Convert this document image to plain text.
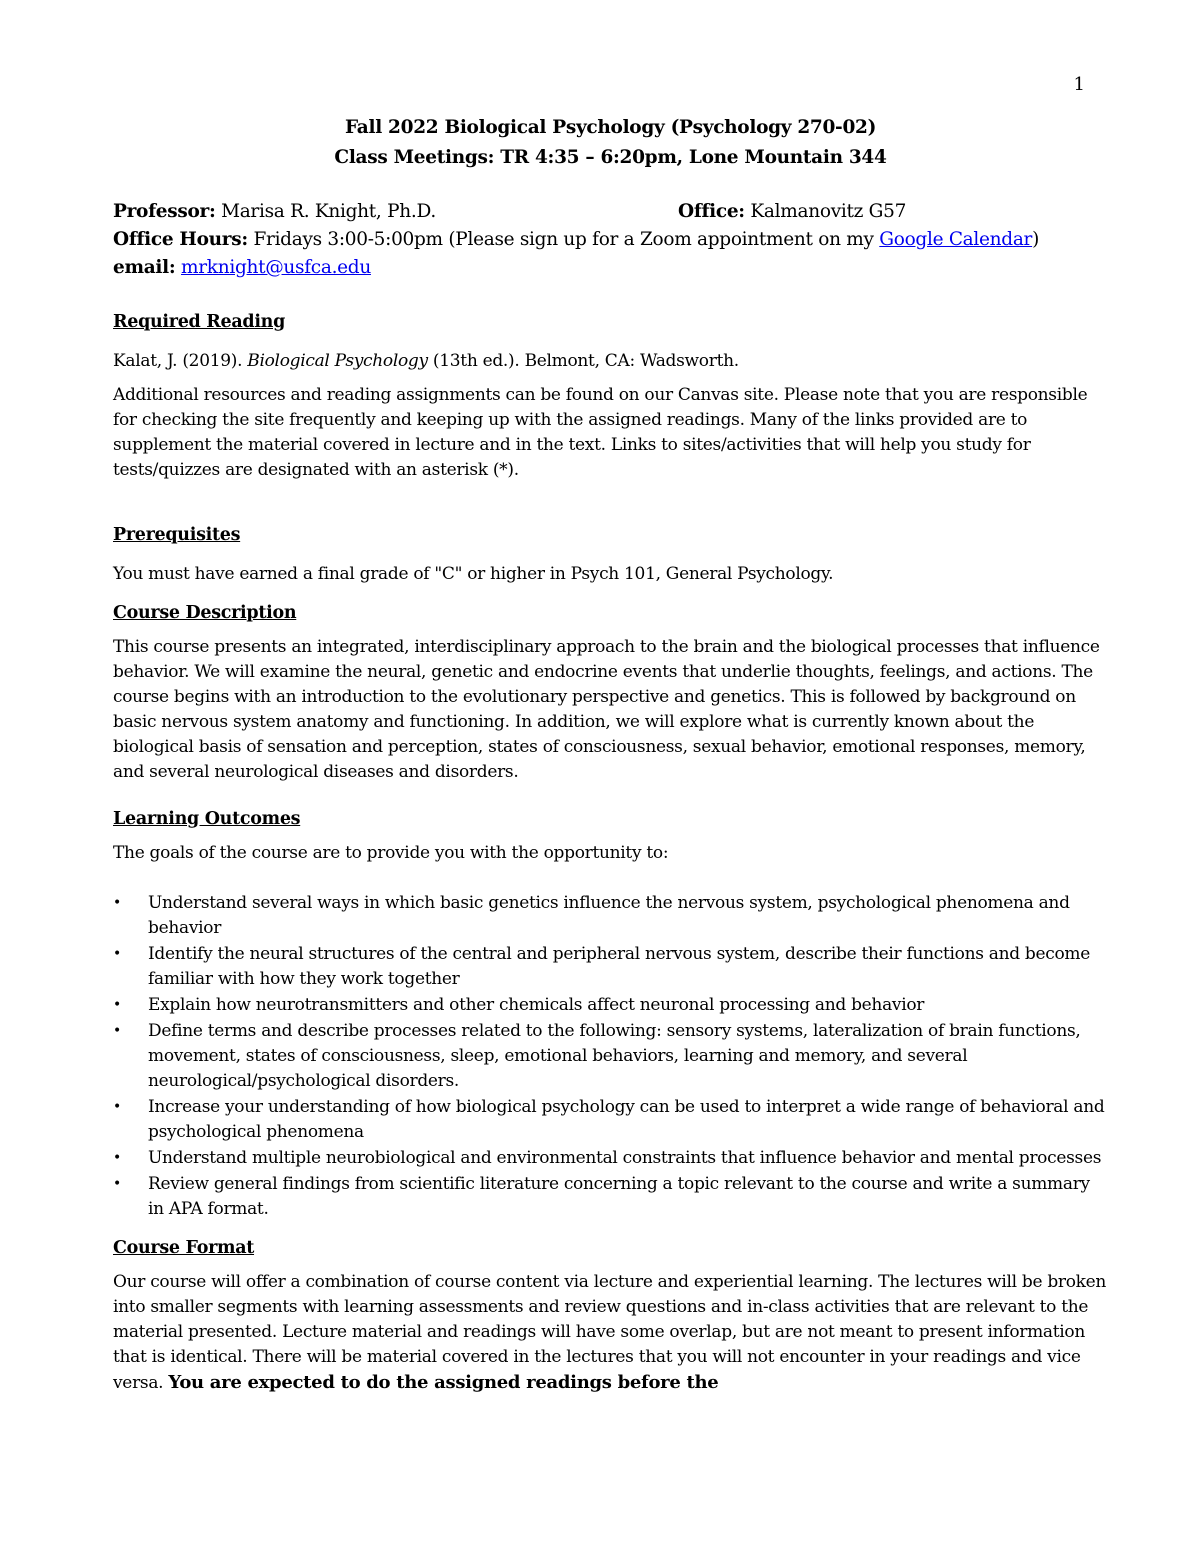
1
Fall 2022 Biological Psychology (Psychology 270-02)
Class Meetings: TR 4:35 – 6:20pm, Lone Mountain 344
Professor: Marisa R. Knight, Ph.D.	Office: Kalmanovitz G57
Office Hours: Fridays 3:00-5:00pm (Please sign up for a Zoom appointment on my Google Calendar)
email: mrknight@usfca.edu
Required Reading

Kalat, J. (2019). Biological Psychology (13th ed.). Belmont, CA: Wadsworth.

Additional resources and reading assignments can be found on our Canvas site. Please note that you are responsible for checking the site frequently and keeping up with the assigned readings. Many of the links provided are to supplement the material covered in lecture and in the text. Links to sites/activities that will help you study for tests/quizzes are designated with an asterisk (*).

Prerequisites

You must have earned a final grade of "C" or higher in Psych 101, General Psychology.

Course Description

This course presents an integrated, interdisciplinary approach to the brain and the biological processes that influence behavior. We will examine the neural, genetic and endocrine events that underlie thoughts, feelings, and actions. The course begins with an introduction to the evolutionary perspective and genetics. This is followed by background on basic nervous system anatomy and functioning. In addition, we will explore what is currently known about the biological basis of sensation and perception, states of consciousness, sexual behavior, emotional responses, memory, and several neurological diseases and disorders.

Learning Outcomes

The goals of the course are to provide you with the opportunity to:

• Understand several ways in which basic genetics influence the nervous system, psychological phenomena and behavior
• Identify the neural structures of the central and peripheral nervous system, describe their functions and become familiar with how they work together
• Explain how neurotransmitters and other chemicals affect neuronal processing and behavior
• Define terms and describe processes related to the following: sensory systems, lateralization of brain functions, movement, states of consciousness, sleep, emotional behaviors, learning and memory, and several neurological/psychological disorders.
• Increase your understanding of how biological psychology can be used to interpret a wide range of behavioral and psychological phenomena
• Understand multiple neurobiological and environmental constraints that influence behavior and mental processes
• Review general findings from scientific literature concerning a topic relevant to the course and write a summary in APA format.
Course Format

Our course will offer a combination of course content via lecture and experiential learning. The lectures will be broken into smaller segments with learning assessments and review questions and in-class activities that are relevant to the material presented. Lecture material and readings will have some overlap, but are not meant to present information that is identical. There will be material covered in the lectures that you will not encounter in your readings and vice versa. You are expected to do the assigned readings before the
